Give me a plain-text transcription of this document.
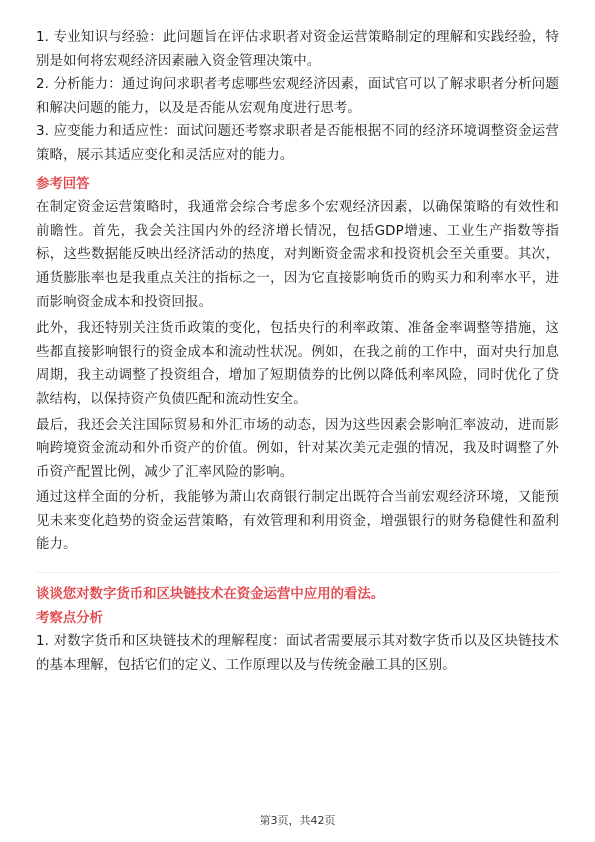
1. 专业知识与经验：此问题旨在评估求职者对资金运营策略制定的理解和实践经验，特别是如何将宏观经济因素融入资金管理决策中。

2. 分析能力：通过询问求职者考虑哪些宏观经济因素，面试官可以了解求职者分析问题和解决问题的能力，以及是否能从宏观角度进行思考。

3. 应变能力和适应性：面试问题还考察求职者是否能根据不同的经济环境调整资金运营策略，展示其适应变化和灵活应对的能力。

参考回答

在制定资金运营策略时，我通常会综合考虑多个宏观经济因素，以确保策略的有效性和前瞻性。首先，我会关注国内外的经济增长情况，包括GDP增速、工业生产指数等指标，这些数据能反映出经济活动的热度，对判断资金需求和投资机会至关重要。其次，通货膨胀率也是我重点关注的指标之一，因为它直接影响货币的购买力和利率水平，进而影响资金成本和投资回报。

此外，我还特别关注货币政策的变化，包括央行的利率政策、准备金率调整等措施，这些都直接影响银行的资金成本和流动性状况。例如，在我之前的工作中，面对央行加息周期，我主动调整了投资组合，增加了短期债券的比例以降低利率风险，同时优化了贷款结构，以保持资产负债匹配和流动性安全。

最后，我还会关注国际贸易和外汇市场的动态，因为这些因素会影响汇率波动，进而影响跨境资金流动和外币资产的价值。例如，针对某次美元走强的情况，我及时调整了外币资产配置比例，减少了汇率风险的影响。

通过这样全面的分析，我能够为萧山农商银行制定出既符合当前宏观经济环境，又能预见未来变化趋势的资金运营策略，有效管理和利用资金，增强银行的财务稳健性和盈利能力。

谈谈您对数字货币和区块链技术在资金运营中应用的看法。
考察点分析

1. 对数字货币和区块链技术的理解程度：面试者需要展示其对数字货币以及区块链技术的基本理解，包括它们的定义、工作原理以及与传统金融工具的区别。

第3页，共42页
